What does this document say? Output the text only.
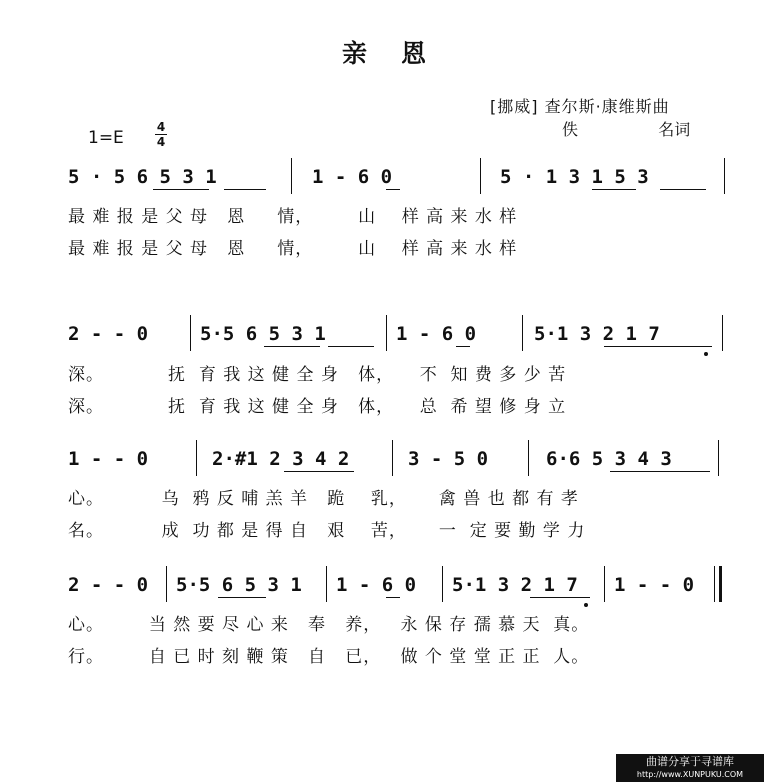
亲恩
[挪威] 查尔斯·康维斯曲
佚	名词
1=E
4
4
5 · 5 6 5 3 1	1 - 6 0	5 · 1 3 1 5 3
最 难 报 是 父 母   恩     情，       山    样 高 来 水 样
最 难 报 是 父 母   恩     情，       山    样 高 来 水 样
2 - - 0	5·5 6 5 3 1	1 - 6 0	5·1 3 2 1 7
深。          抚  育 我 这 健 全 身   体，    不  知 费 多 少 苦
深。          抚  育 我 这 健 全 身   体，    总  希 望 修 身 立
1 - - 0	2·#1 2 3 4 2	3 - 5 0	6·6 5 3 4 3
心。         乌  鸦 反 哺 羔 羊   跪    乳，     禽 兽 也 都 有 孝
名。         成  功 都 是 得 自   艰    苦，     一  定 要 勤 学 力
2 - - 0 5·5 6 5 3 1 1 - 6 0 5·1 3 2 1 7 1 - - 0
心。       当 然 要 尽 心 来   奉   养，   永 保 存 孺 慕 天  真。
行。       自 已 时 刻 鞭 策   自   已，   做 个 堂 堂 正 正  人。
曲谱分享于寻谱库
http://www.XUNPUKU.COM
